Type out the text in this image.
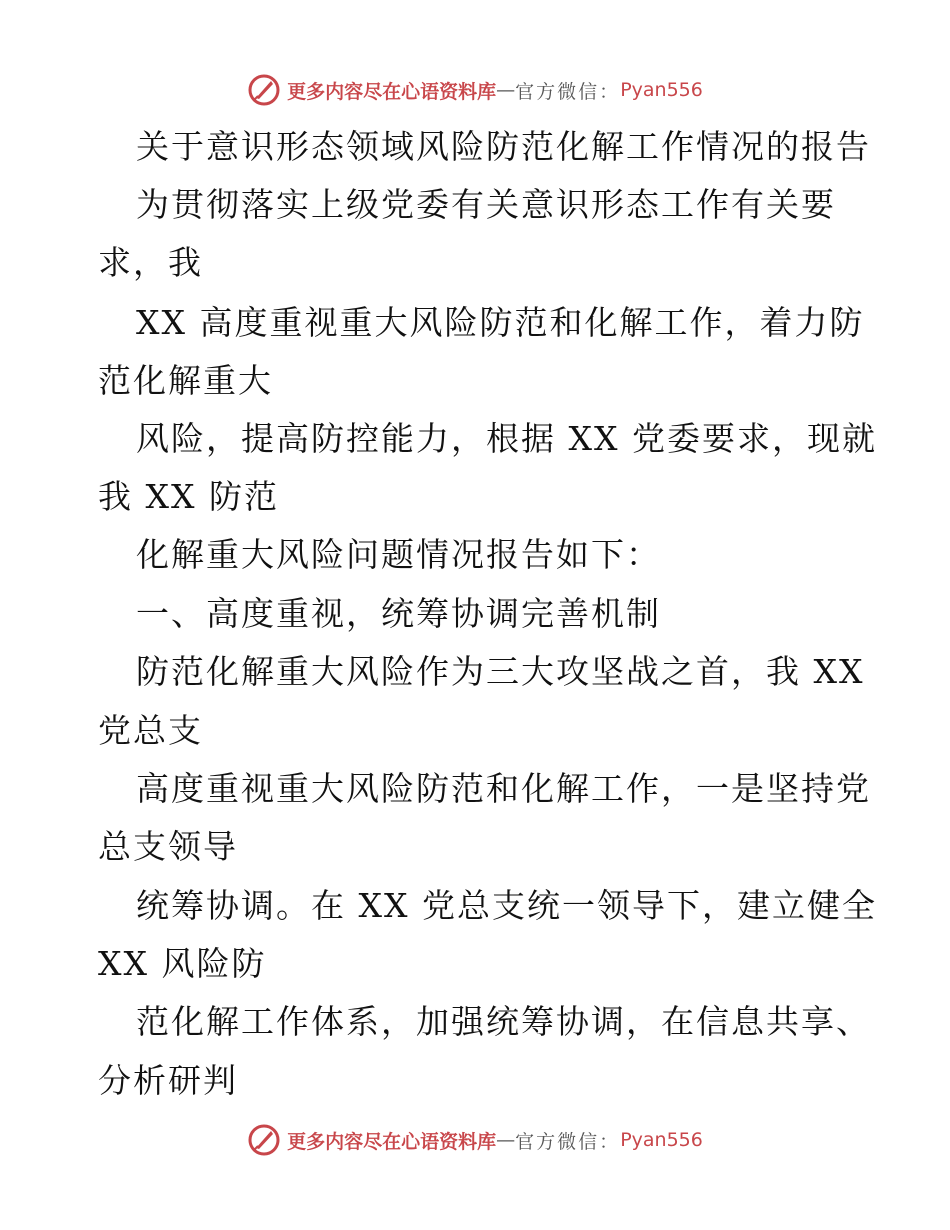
更多内容尽在心语资料库 — 官方微信： Pyan556
关于意识形态领域风险防范化解工作情况的报告
为贯彻落实上级党委有关意识形态工作有关要
求，我
XX 高度重视重大风险防范和化解工作，着力防
范化解重大
风险，提高防控能力，根据 XX 党委要求，现就
我 XX 防范
化解重大风险问题情况报告如下：
一、高度重视，统筹协调完善机制
防范化解重大风险作为三大攻坚战之首，我 XX
党总支
高度重视重大风险防范和化解工作，一是坚持党
总支领导
统筹协调。在 XX 党总支统一领导下，建立健全
XX 风险防
范化解工作体系，加强统筹协调，在信息共享、
分析研判
更多内容尽在心语资料库 — 官方微信： Pyan556
